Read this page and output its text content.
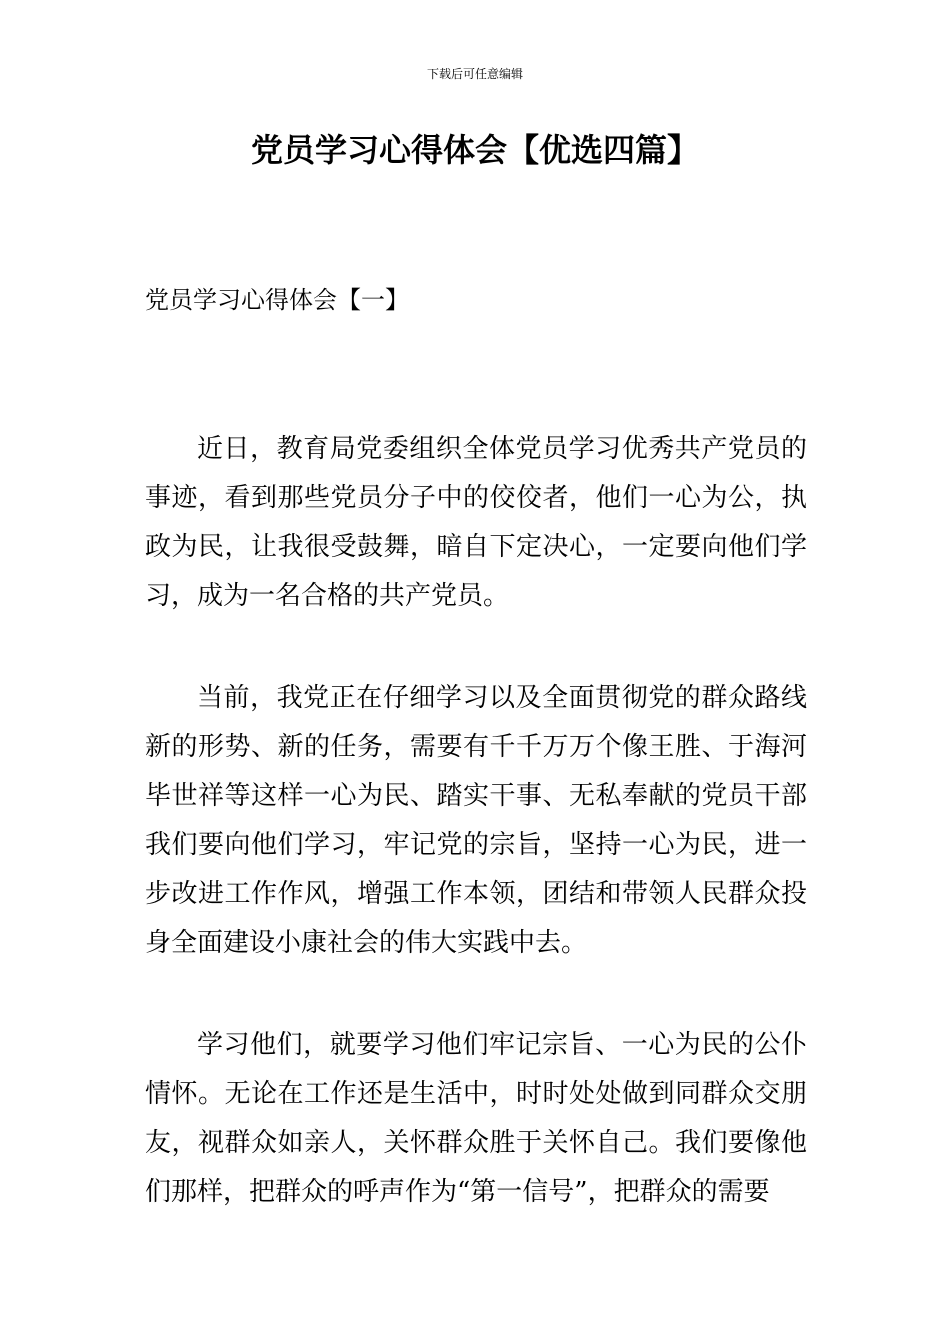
下载后可任意编辑
党员学习心得体会【优选四篇】
党员学习心得体会【一】

近日，教育局党委组织全体党员学习优秀共产党员的事迹，看到那些党员分子中的佼佼者，他们一心为公，执政为民，让我很受鼓舞，暗自下定决心，一定要向他们学习，成为一名合格的共产党员。

当前，我党正在仔细学习以及全面贯彻党的群众路线新的形势、新的任务，需要有千千万万个像王胜、于海河毕世祥等这样一心为民、踏实干事、无私奉献的党员干部我们要向他们学习，牢记党的宗旨，坚持一心为民，进一步改进工作作风，增强工作本领，团结和带领人民群众投身全面建设小康社会的伟大实践中去。

学习他们，就要学习他们牢记宗旨、一心为民的公仆情怀。无论在工作还是生活中，时时处处做到同群众交朋友，视群众如亲人，关怀群众胜于关怀自己。我们要像他们那样，把群众的呼声作为“第一信号”，把群众的需要
